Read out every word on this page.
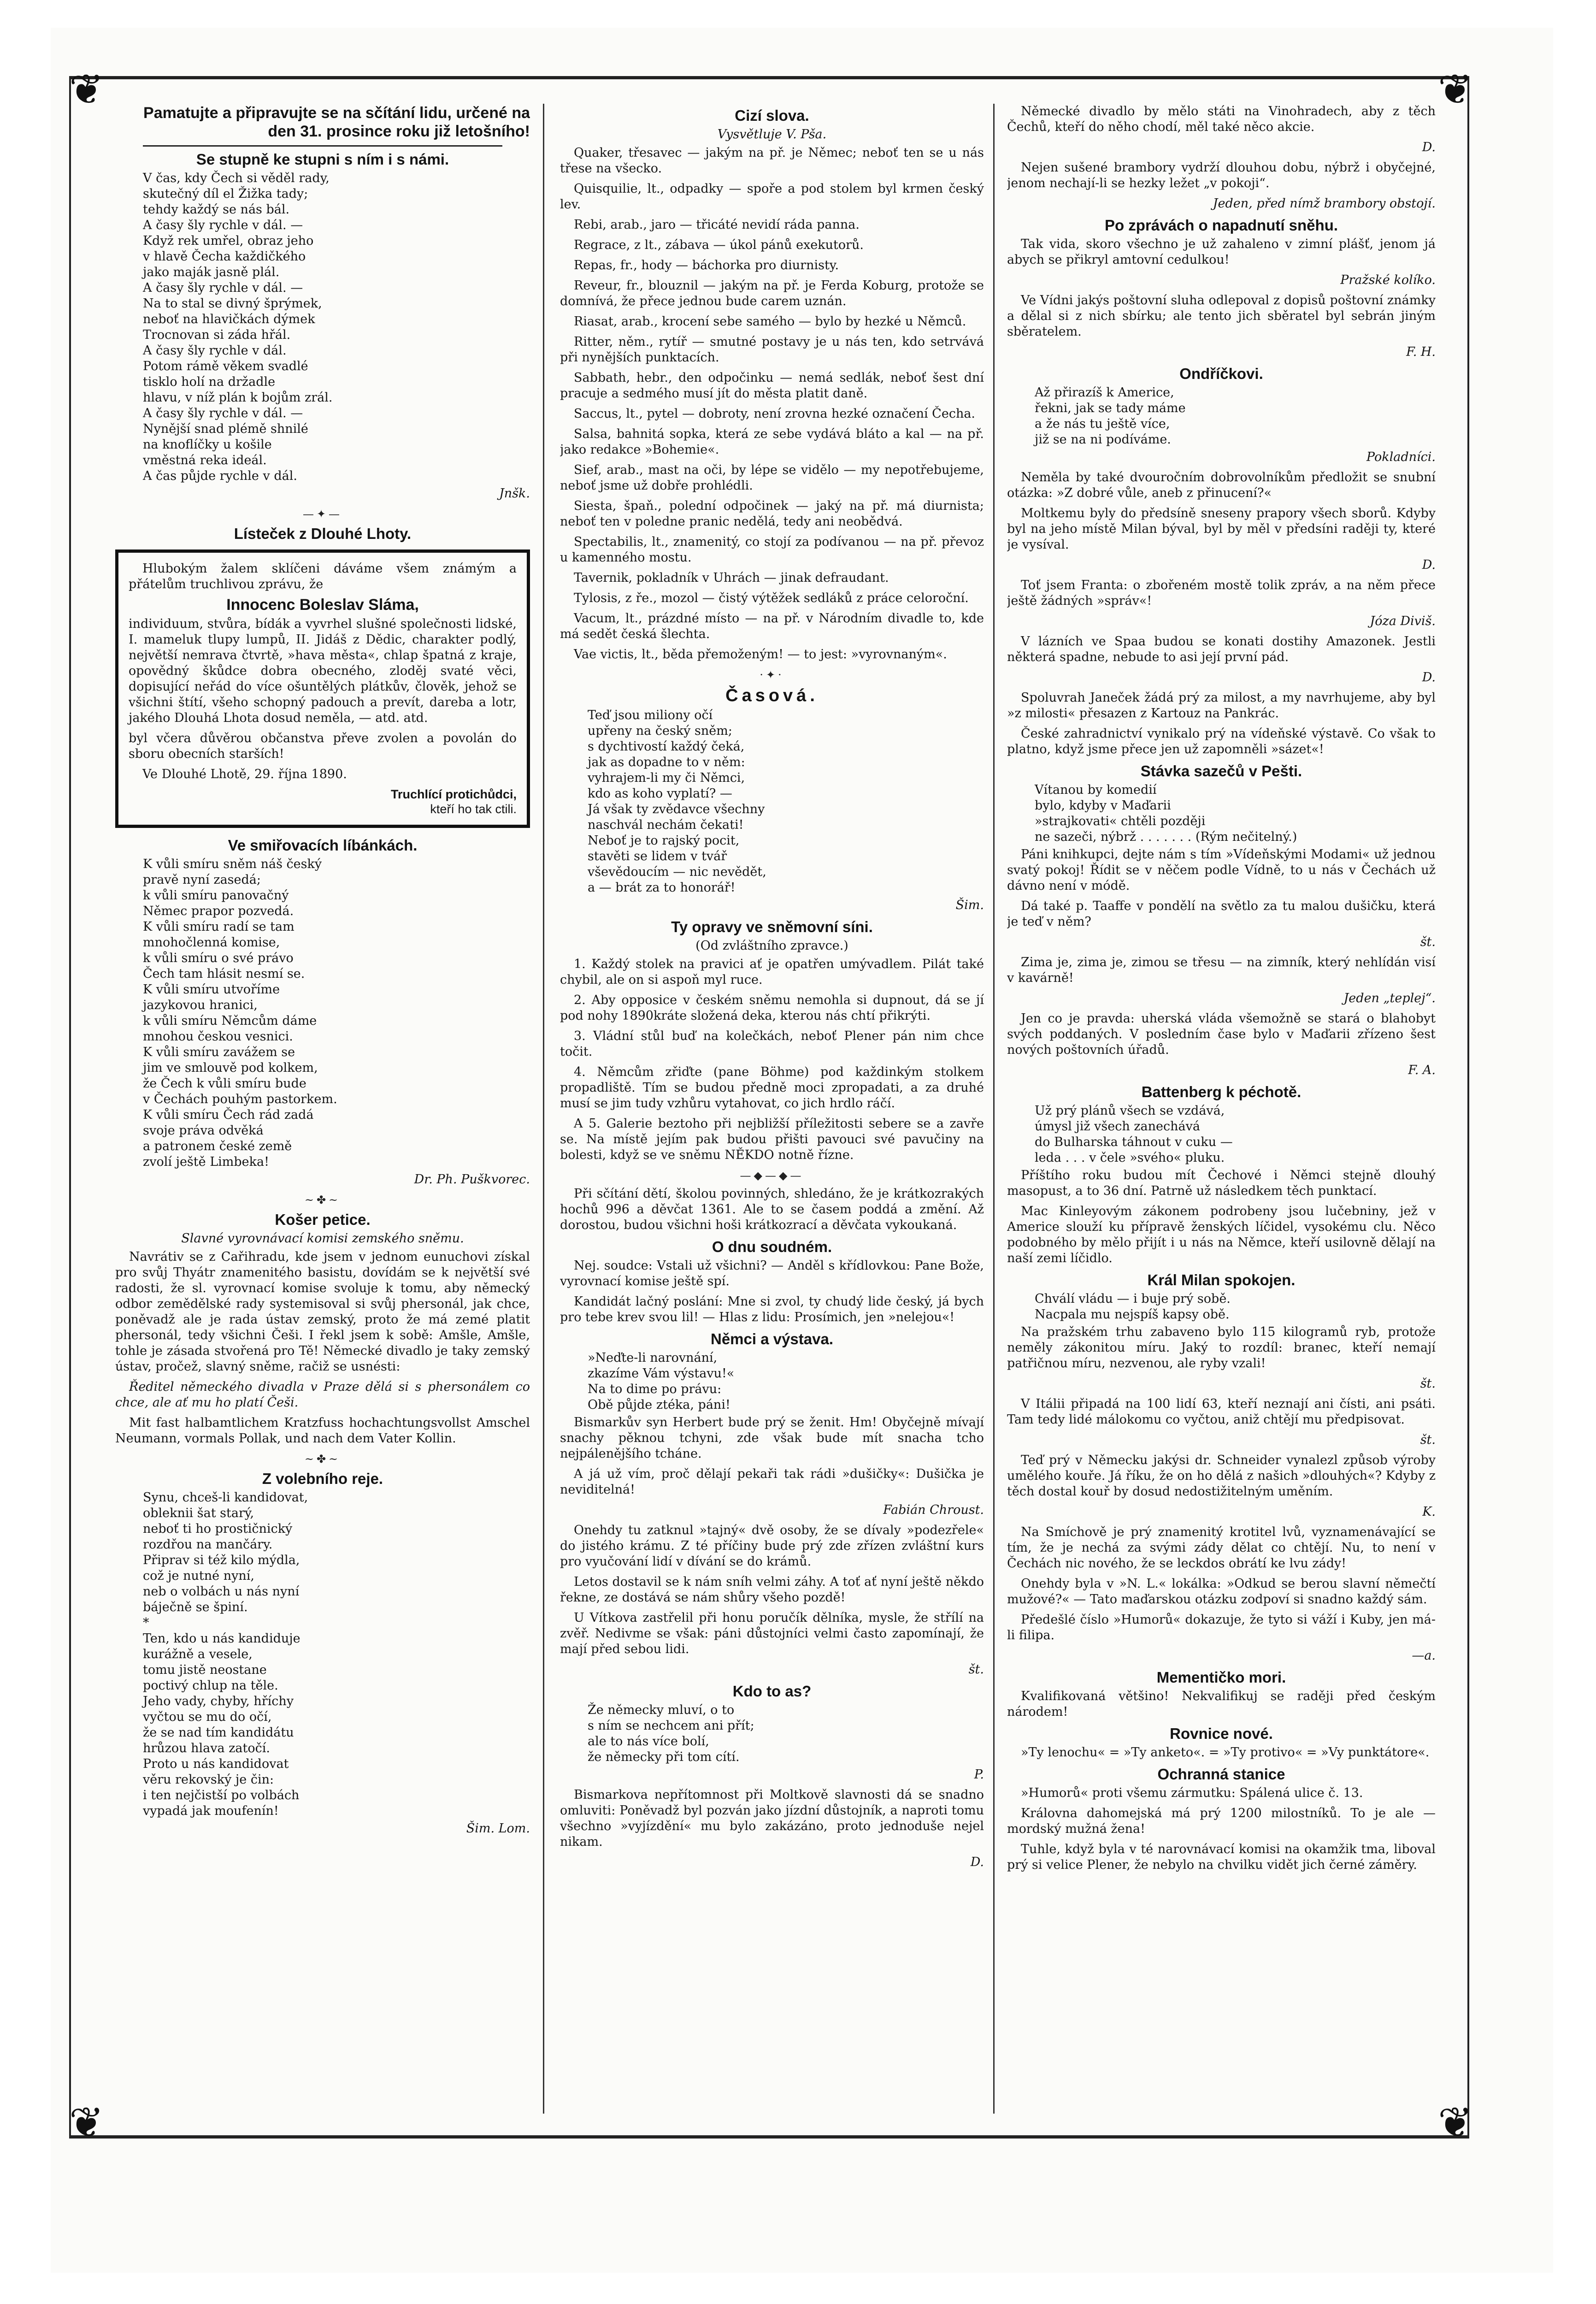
❦	❦
❦	❦
Pamatujte a připravujte se na sčítání lidu, určené na den 31. prosince roku již letošního!
Se stupně ke stupni s ním i s námi.
V čas, kdy Čech si věděl rady,
skutečný díl el Žižka tady;
tehdy každý se nás bál.
A časy šly rychle v dál. —
Když rek umřel, obraz jeho
v hlavě Čecha každičkého
jako maják jasně plál.
A časy šly rychle v dál. —
Na to stal se divný šprýmek,
neboť na hlavičkách dýmek
Trocnovan si záda hřál.
A časy šly rychle v dál.
Potom rámě věkem svadlé
tisklo holí na držadle
hlavu, v níž plán k bojům zrál.
A časy šly rychle v dál. —
Nynější snad plémě shnilé
na knoflíčky u košile
vměstná reka ideál.
A čas půjde rychle v dál.
Jnšk.
—✦—
Lísteček z Dlouhé Lhoty.

Hlubokým žalem sklíčeni dáváme všem známým a přátelům truchlivou zprávu, že

Innocenc Boleslav Sláma,

individuum, stvůra, bídák a vyvrhel slušné společnosti lidské, I. mameluk tlupy lumpů, II. Jidáš z Dědic, charakter podlý, největší nemrava čtvrtě, »hava města«, chlap špatná z kraje, opovědný škůdce dobra obecného, zloděj svaté věci, dopisující neřád do více ošuntělých plátkův, člověk, jehož se všichni štítí, všeho schopný padouch a prevít, dareba a lotr, jakého Dlouhá Lhota dosud neměla, — atd. atd.

byl včera důvěrou občanstva převe zvolen a povolán do sboru obecních starších!

Ve Dlouhé Lhotě, 29. října 1890.
Truchlící protichůdci,
kteří ho tak ctili.
Ve smiřovacích líbánkách.
K vůli smíru sněm náš český
pravě nyní zasedá;
k vůli smíru panovačný
Němec prapor pozvedá.
K vůli smíru radí se tam
mnohočlenná komise,
k vůli smíru o své právo
Čech tam hlásit nesmí se.
K vůli smíru utvoříme
jazykovou hranici,
k vůli smíru Němcům dáme
mnohou českou vesnici.
K vůli smíru zavážem se
jim ve smlouvě pod kolkem,
že Čech k vůli smíru bude
v Čechách pouhým pastorkem.
K vůli smíru Čech rád zadá
svoje práva odvěká
a patronem české země
zvolí ještě Limbeka!
Dr. Ph. Puškvorec.
~✤~
Košer petice.
Slavné vyrovnávací komisi zemského sněmu.

Navrátiv se z Cařihradu, kde jsem v jednom eunuchovi získal pro svůj Thyátr znamenitého basistu, dovídám se k největší své radosti, že sl. vyrovnací komise svoluje k tomu, aby německý odbor zemědělské rady systemisoval si svůj phersonál, jak chce, poněvadž ale je rada ústav zemský, proto že má zemé platit phersonál, tedy všichni Češi. I řekl jsem k sobě: Amšle, Amšle, tohle je zásada stvořená pro Tě! Německé divadlo je taky zemský ústav, pročež, slavný sněme, račiž se usnésti:

Ředitel německého divadla v Praze dělá si s phersonálem co chce, ale ať mu ho platí Češi.

Mit fast halbamtlichem Kratzfuss hochachtungsvollst Amschel Neumann, vormals Pollak, und nach dem Vater Kollin.

~✤~
Z volebního reje.
Synu, chceš-li kandidovat,
obleknii šat starý,
neboť ti ho prostičnický
rozdřou na mančáry.
Připrav si též kilo mýdla,
což je nutné nyní,
neb o volbách u nás nyní
báječně se špiní.
*
Ten, kdo u nás kandiduje
kurážně a vesele,
tomu jistě neostane
poctivý chlup na těle.
Jeho vady, chyby, hříchy
vyčtou se mu do očí,
že se nad tím kandidátu
hrůzou hlava zatočí.
Proto u nás kandidovat
věru rekovský je čin:
i ten nejčistší po volbách
vypadá jak moufenín!
Šim. Lom.
Cizí slova.
Vysvětluje V. Pša.

Quaker, třesavec — jakým na př. je Němec; neboť ten se u nás třese na všecko.

Quisquilie, lt., odpadky — spoře a pod stolem byl krmen český lev.

Rebi, arab., jaro — třicáté nevidí ráda panna.

Regrace, z lt., zábava — úkol pánů exekutorů.

Repas, fr., hody — báchorka pro diurnisty.

Reveur, fr., blouznil — jakým na př. je Ferda Koburg, protože se domnívá, že přece jednou bude carem uznán.

Riasat, arab., krocení sebe samého — bylo by hezké u Němců.

Ritter, něm., rytíř — smutné postavy je u nás ten, kdo setrvává při nynějších punktacích.

Sabbath, hebr., den odpočinku — nemá sedlák, neboť šest dní pracuje a sedmého musí jít do města platit daně.

Saccus, lt., pytel — dobroty, není zrovna hezké označení Čecha.

Salsa, bahnitá sopka, která ze sebe vydává bláto a kal — na př. jako redakce »Bohemie«.

Sief, arab., mast na oči, by lépe se vidělo — my nepotřebujeme, neboť jsme už dobře prohlédli.

Siesta, špaň., polední odpočinek — jaký na př. má diurnista; neboť ten v poledne pranic nedělá, tedy ani neobědvá.

Spectabilis, lt., znamenitý, co stojí za podívanou — na př. převoz u kamenného mostu.

Tavernik, pokladník v Uhrách — jinak defraudant.

Tylosis, z ře., mozol — čistý výtěžek sedláků z práce celoroční.

Vacum, lt., prázdné místo — na př. v Národním divadle to, kde má sedět česká šlechta.

Vae victis, lt., běda přemoženým! — to jest: »vyrovnaným«.

·✦·
Časová.
Teď jsou miliony očí
upřeny na český sněm;
s dychtivostí každý čeká,
jak as dopadne to v něm:
vyhrajem-li my či Němci,
kdo as koho vyplatí? —
Já však ty zvědavce všechny
naschvál nechám čekati!
Neboť je to rajský pocit,
stavěti se lidem v tvář
vševědoucím — nic nevědět,
a — brát za to honorář!
Šim.
Ty opravy ve sněmovní síni.
(Od zvláštního zpravce.)

1. Každý stolek na pravici ať je opatřen umývadlem. Pilát také chybil, ale on si aspoň myl ruce.

2. Aby opposice v českém sněmu nemohla si dupnout, dá se jí pod nohy 1890kráte složená deka, kterou nás chtí přikrýti.

3. Vládní stůl buď na kolečkách, neboť Plener pán nim chce točit.

4. Němcům zřiďte (pane Böhme) pod každinkým stolkem propadliště. Tím se budou předně moci zpropadati, a za druhé musí se jim tudy vzhůru vytahovat, co jich hrdlo ráčí.

A 5. Galerie beztoho při nejbližší příležitosti sebere se a zavře se. Na místě jejím pak budou přišti pavouci své pavučiny na bolesti, když se ve sněmu NĚKDO notně řízne.

—◆—◆—

Při sčítání dětí, školou povinných, shledáno, že je krátkozrakých hochů 996 a děvčat 1361. Ale to se časem poddá a změní. Až dorostou, budou všichni hoši krátkozrací a děvčata vykoukaná.

O dnu soudném.

Nej. soudce: Vstali už všichni? — Anděl s křídlovkou: Pane Bože, vyrovnací komise ještě spí.

Kandidát lačný poslání: Mne si zvol, ty chudý lide český, já bych pro tebe krev svou lil! — Hlas z lidu: Prosímich, jen »nelejou«!

Němci a výstava.
»Neďte-li narovnání,
zkazíme Vám výstavu!«
Na to dime po právu:
Obě půjde ztéka, páni!

Bismarkův syn Herbert bude prý se ženit. Hm! Obyčejně mívají snachy pěknou tchyni, zde však bude mít snacha tcho nejpálenějšího tcháne.

A já už vím, proč dělají pekaři tak rádi »dušičky«: Dušička je neviditelná!

Fabián Chroust.

Onehdy tu zatknul »tajný« dvě osoby, že se dívaly »podezřele« do jistého krámu. Z té příčiny bude prý zde zřízen zvláštní kurs pro vyučování lidí v dívání se do krámů.

Letos dostavil se k nám sníh velmi záhy. A toť ať nyní ještě někdo řekne, ze dostává se nám shůry všeho pozdě!

U Vítkova zastřelil při honu poručík dělníka, mysle, že střílí na zvěř. Nedivme se však: páni důstojníci velmi často zapomínají, že mají před sebou lidi.

št.
Kdo to as?
Že německy mluví, o to
s ním se nechcem ani přít;
ale to nás více bolí,
že německy při tom cítí.
P.

Bismarkova nepřítomnost při Moltkově slavnosti dá se snadno omluviti: Poněvadž byl pozván jako jízdní důstojník, a naproti tomu všechno »vyjízdění« mu bylo zakázáno, proto jednoduše nejel nikam.

D.

Německé divadlo by mělo státi na Vinohradech, aby z těch Čechů, kteří do něho chodí, měl také něco akcie.

D.

Nejen sušené brambory vydrží dlouhou dobu, nýbrž i obyčejné, jenom nechají-li se hezky ležet „v pokoji“.

Jeden, před nímž brambory obstojí.
Po zprávách o napadnutí sněhu.

Tak vida, skoro všechno je už zahaleno v zimní plášť, jenom já abych se přikryl amtovní cedulkou!

Pražské kolíko.

Ve Vídni jakýs poštovní sluha odlepoval z dopisů poštovní známky a dělal si z nich sbírku; ale tento jich sběratel byl sebrán jiným sběratelem.

F. H.
Ondříčkovi.
Až přirazíš k Americe,
řekni, jak se tady máme
a že nás tu ještě více,
již se na ni podíváme.
Pokladníci.

Neměla by také dvouročním dobrovolníkům předložit se snubní otázka: »Z dobré vůle, aneb z přinucení?«

Moltkemu byly do předsíně sneseny prapory všech sborů. Kdyby byl na jeho místě Milan býval, byl by měl v předsíni raději ty, které je vysíval.

D.

Toť jsem Franta: o zbořeném mostě tolik zpráv, a na něm přece ještě žádných »správ«!

Józa Diviš.

V lázních ve Spaa budou se konati dostihy Amazonek. Jestli některá spadne, nebude to asi její první pád.

D.

Spoluvrah Janeček žádá prý za milost, a my navrhujeme, aby byl »z milosti« přesazen z Kartouz na Pankrác.

České zahradnictví vynikalo prý na vídeňské výstavě. Co však to platno, když jsme přece jen už zapomněli »sázet«!

Stávka sazečů v Pešti.
Vítanou by komedií
bylo, kdyby v Maďarii
»strajkovati« chtěli později
ne sazeči, nýbrž . . . . . . . (Rým nečitelný.)

Páni knihkupci, dejte nám s tím »Vídeňskými Modami« už jednou svatý pokoj! Řídit se v něčem podle Vídně, to u nás v Čechách už dávno není v módě.

Dá také p. Taaffe v pondělí na světlo za tu malou dušičku, která je teď v něm?

št.

Zima je, zima je, zimou se třesu — na zimník, který nehlídán visí v kavárně!

Jeden „teplej“.

Jen co je pravda: uherská vláda všemožně se stará o blahobyt svých poddaných. V posledním čase bylo v Maďarii zřízeno šest nových poštovních úřadů.

F. A.
Battenberg k péchotě.
Už prý plánů všech se vzdává,
úmysl již všech zanechává
do Bulharska táhnout v cuku —
leda . . . v čele »svého« pluku.

Příštího roku budou mít Čechové i Němci stejně dlouhý masopust, a to 36 dní. Patrně už následkem těch punktací.

Mac Kinleyovým zákonem podrobeny jsou lučebniny, jež v Americe slouží ku přípravě ženských líčidel, vysokému clu. Něco podobného by mělo přijít i u nás na Němce, kteří usilovně dělají na naší zemi líčidlo.

Král Milan spokojen.
Chválí vládu — i buje prý sobě.
Nacpala mu nejspíš kapsy obě.

Na pražském trhu zabaveno bylo 115 kilogramů ryb, protože neměly zákonitou míru. Jaký to rozdíl: branec, kteří nemají patřičnou míru, nezvenou, ale ryby vzali!

št.

V Itálii připadá na 100 lidí 63, kteří neznají ani čísti, ani psáti. Tam tedy lidé málokomu co vyčtou, aniž chtějí mu předpisovat.

št.

Teď prý v Německu jakýsi dr. Schneider vynalezl způsob výroby umělého kouře. Já říku, že on ho dělá z našich »dlouhých«? Kdyby z těch dostal kouř by dosud nedostižitelným uměním.

K.

Na Smíchově je prý znamenitý krotitel lvů, vyznamenávající se tím, že je nechá za svými zády dělat co chtějí. Nu, to není v Čechách nic nového, že se leckdos obrátí ke lvu zády!

Onehdy byla v »N. L.« lokálka: »Odkud se berou slavní němečtí mužové?« — Tato maďarskou otázku zodpoví si snadno každý sám.

Předešlé číslo »Humorů« dokazuje, že tyto si váží i Kuby, jen má-li filipa.

—a.
Mementičko mori.

Kvalifikovaná většino! Nekvalifikuj se raději před českým národem!

Rovnice nové.

»Ty lenochu« = »Ty anketo«. = »Ty protivo« = »Vy punktátore«.

Ochranná stanice

»Humorů« proti všemu zármutku: Spálená ulice č. 13.

Královna dahomejská má prý 1200 milostníků. To je ale — mordský mužná žena!

Tuhle, když byla v té narovnávací komisi na okamžik tma, liboval prý si velice Plener, že nebylo na chvilku vidět jich černé záměry.
